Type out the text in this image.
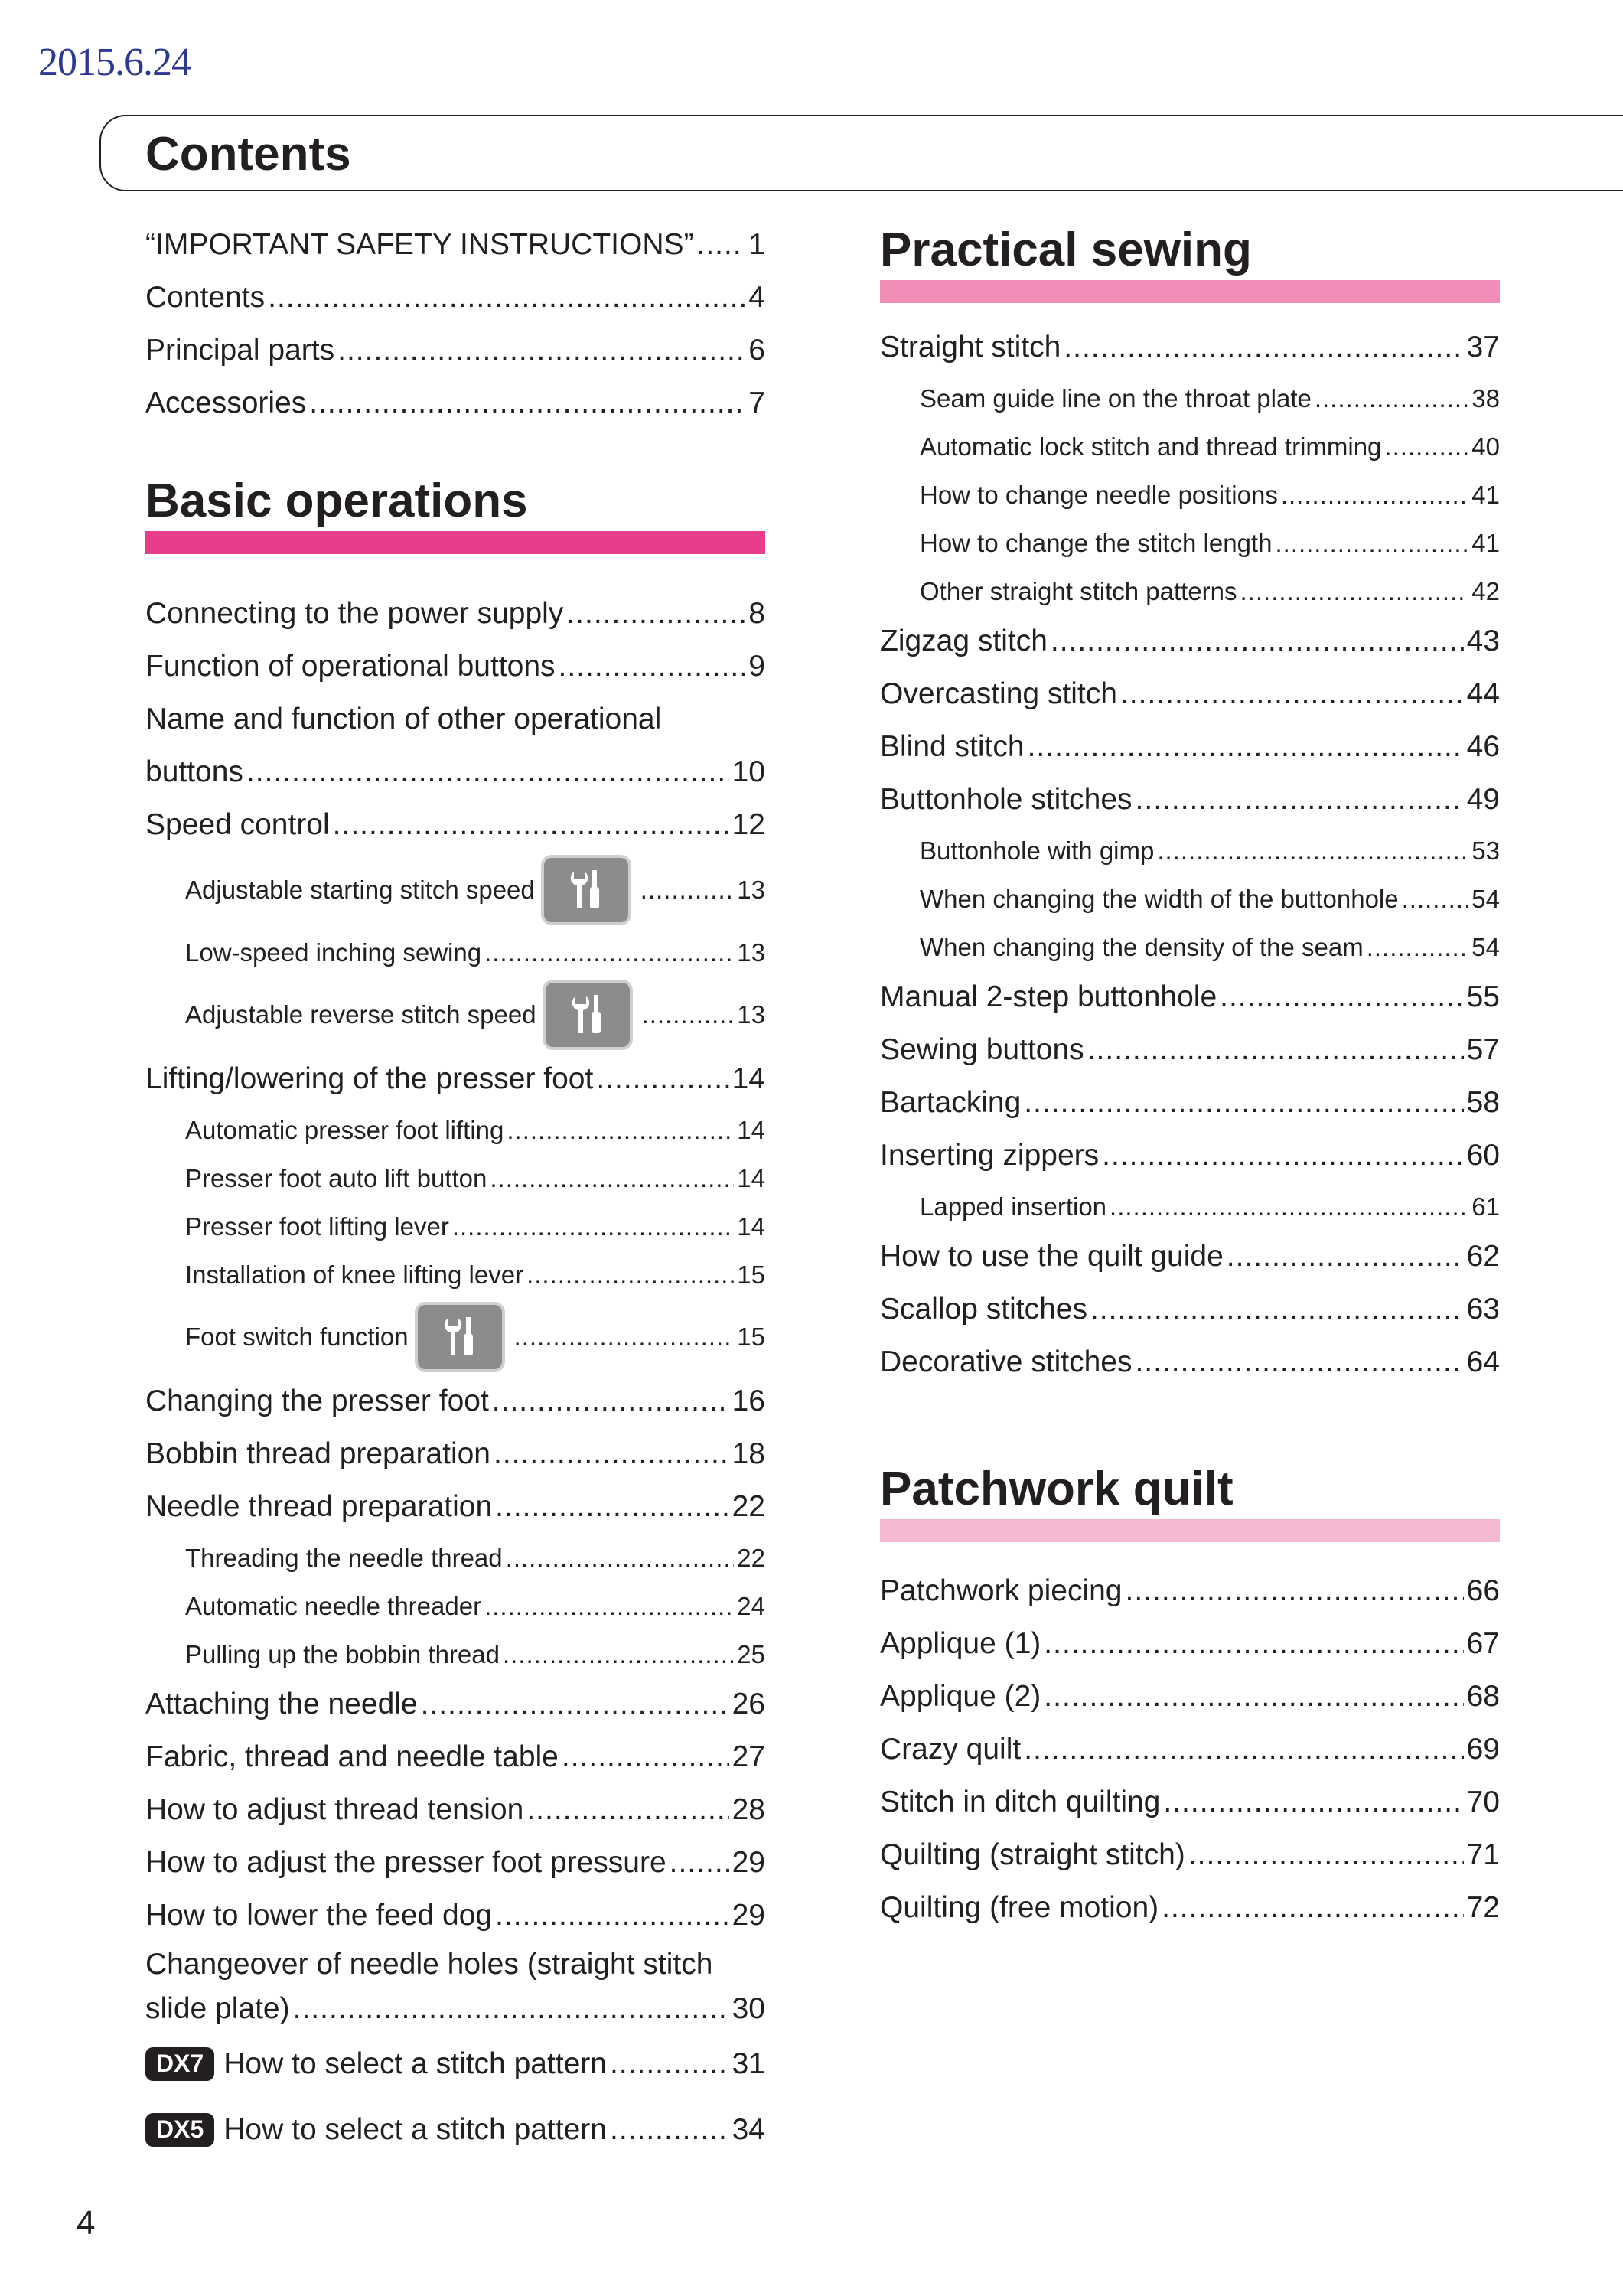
2015.6.24
Contents
“IMPORTANT SAFETY INSTRUCTIONS” ..... 1
Contents .....	4
Principal parts .....	6
Accessories .....	7
Basic operations
Connecting to the power supply .....	8
Function of operational buttons .....	9
Name and function of other operational
buttons .....	10
Speed control .....	12
Adjustable starting stitch speed .....	13
Low-speed inching sewing .....	13
Adjustable reverse stitch speed .....	13
Lifting/lowering of the presser foot .....	14
Automatic presser foot lifting .....	14
Presser foot auto lift button .....	14
Presser foot lifting lever .....	14
Installation of knee lifting lever .....	15
Foot switch function .....	15
Changing the presser foot .....	16
Bobbin thread preparation .....	18
Needle thread preparation .....	22
Threading the needle thread .....	22
Automatic needle threader .....	24
Pulling up the bobbin thread .....	25
Attaching the needle .....	26
Fabric, thread and needle table .....	27
How to adjust thread tension .....	28
How to adjust the presser foot pressure ..... 29
How to lower the feed dog .....	29
Changeover of needle holes (straight stitch
slide plate) .....	30
DX7 How to select a stitch pattern .....	31
DX5 How to select a stitch pattern .....	34
Practical sewing
Straight stitch .....	37
Seam guide line on the throat plate .....	38
Automatic lock stitch and thread trimming .....	40
How to change needle positions .....	41
How to change the stitch length .....	41
Other straight stitch patterns .....	42
Zigzag stitch .....	43
Overcasting stitch .....	44
Blind stitch .....	46
Buttonhole stitches .....	49
Buttonhole with gimp .....	53
When changing the width of the buttonhole .....	54
When changing the density of the seam .....	54
Manual 2-step buttonhole .....	55
Sewing buttons .....	57
Bartacking .....	58
Inserting zippers .....	60
Lapped insertion .....	61
How to use the quilt guide .....	62
Scallop stitches .....	63
Decorative stitches .....	64
Patchwork quilt
Patchwork piecing .....	66
Applique (1) .....	67
Applique (2) .....	68
Crazy quilt .....	69
Stitch in ditch quilting .....	70
Quilting (straight stitch) .....	71
Quilting (free motion) .....	72
4
